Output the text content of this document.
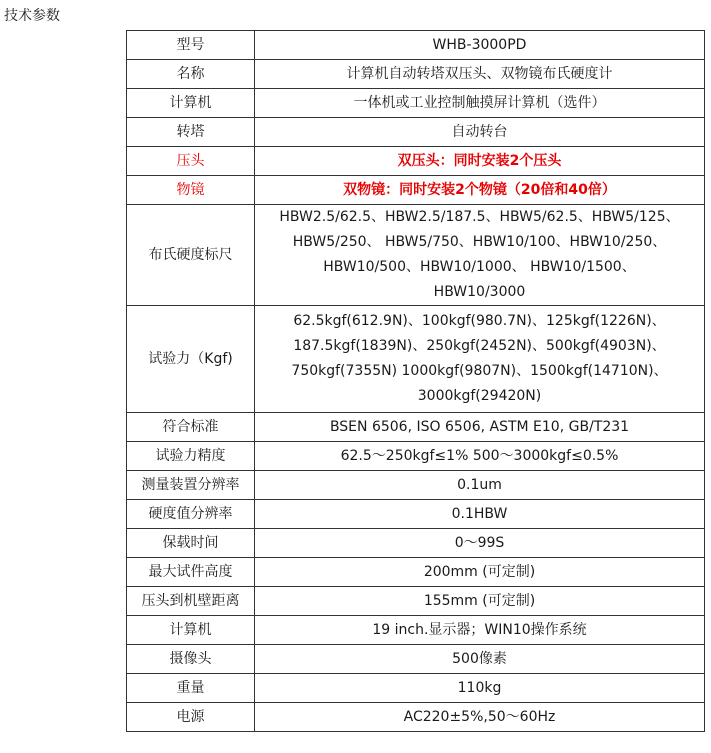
技术参数
型号	WHB-3000PD
名称	计算机自动转塔双压头、双物镜布氏硬度计
计算机	一体机或工业控制触摸屏计算机（选件）
转塔	自动转台
压头	双压头：同时安装2个压头
物镜	双物镜：同时安装2个物镜（20倍和40倍）
布氏硬度标尺	HBW2.5/62.5、HBW2.5/187.5、HBW5/62.5、HBW5/125、
HBW5/250、 HBW5/750、HBW10/100、HBW10/250、
HBW10/500、HBW10/1000、 HBW10/1500、
HBW10/3000

试验力（Kgf)	62.5kgf(612.9N)、100kgf(980.7N)、125kgf(1226N)、
187.5kgf(1839N)、250kgf(2452N)、500kgf(4903N)、
750kgf(7355N) 1000kgf(9807N)、1500kgf(14710N)、
3000kgf(29420N)

符合标准	BSEN 6506, ISO 6506, ASTM E10, GB/T231
试验力精度	62.5～250kgf≤1% 500～3000kgf≤0.5%
测量装置分辨率	0.1um
硬度值分辨率	0.1HBW
保载时间	0～99S
最大试件高度	200mm (可定制)
压头到机壁距离	155mm (可定制)
计算机	19 inch.显示器；WIN10操作系统
摄像头	500像素
重量	110kg
电源	AC220±5%,50～60Hz
